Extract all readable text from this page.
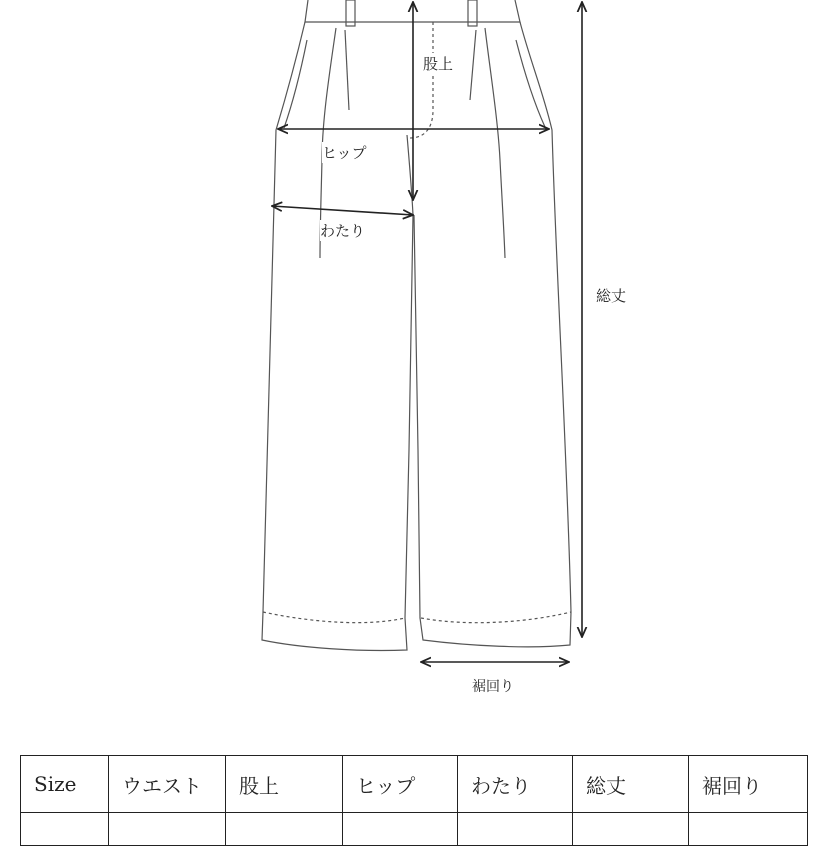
股上
ヒップ
わたり
総丈
裾回り
Size	ウエスト	股上	ヒップ	わたり	総丈	裾回り
